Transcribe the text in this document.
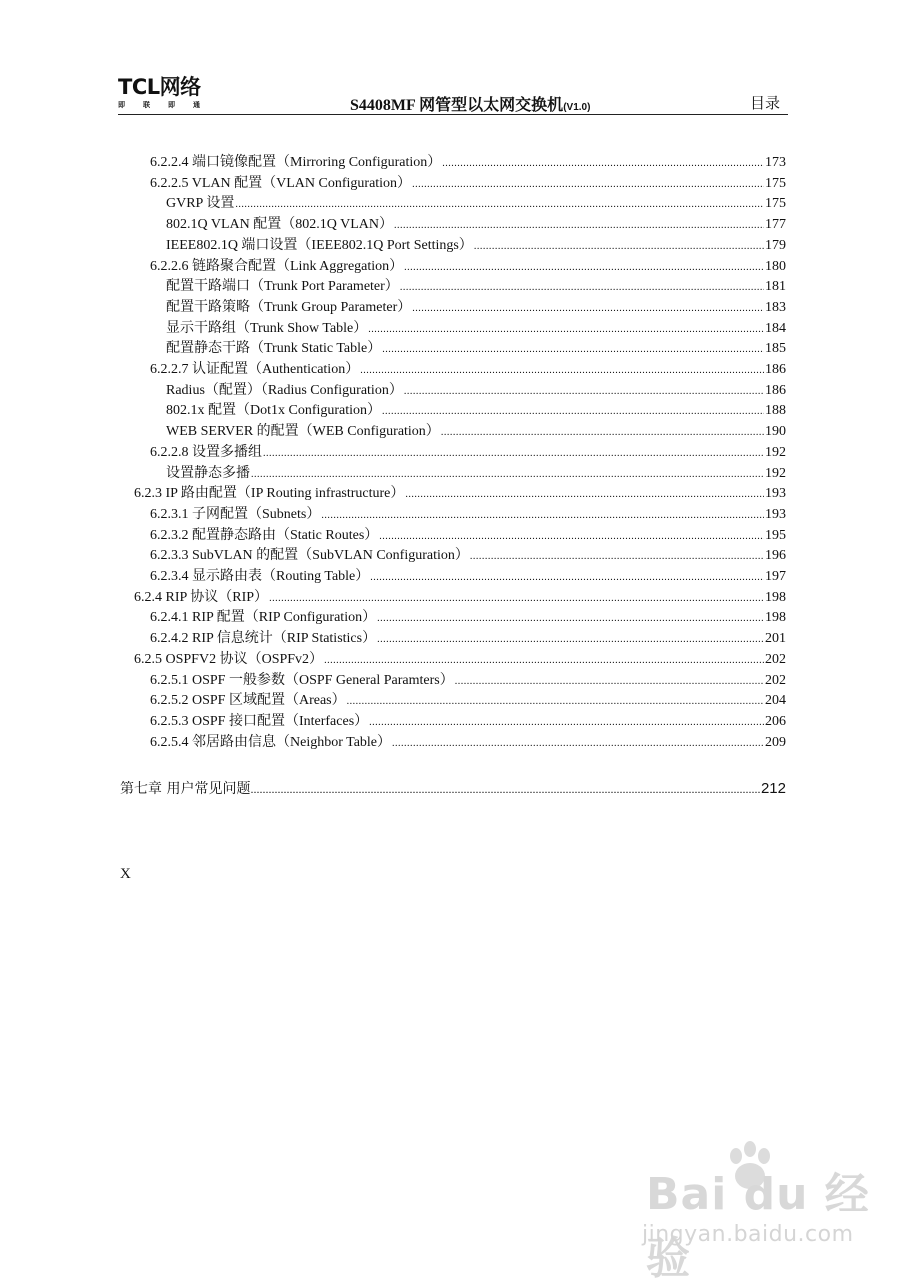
TCL网络
即	联	即	通	S4408MF 网管型以太网交换机(V1.0)	目录
6.2.2.4 端口镜像配置（Mirroring Configuration） .....	173
6.2.2.5 VLAN 配置（VLAN Configuration） .....	175
GVRP 设置 .....	175
802.1Q VLAN 配置（802.1Q VLAN） .....	177
IEEE802.1Q 端口设置（IEEE802.1Q Port Settings） .....	179
6.2.2.6 链路聚合配置（Link Aggregation） .....	180
配置干路端口（Trunk Port Parameter） .....	181
配置干路策略（Trunk Group Parameter） .....	183
显示干路组（Trunk Show Table） .....	184
配置静态干路（Trunk Static Table） .....	185
6.2.2.7 认证配置（Authentication） .....	186
Radius（配置）（Radius Configuration） .....	186
802.1x 配置（Dot1x Configuration） .....	188
WEB SERVER 的配置（WEB Configuration） .....	190
6.2.2.8 设置多播组 .....	192
设置静态多播 .....	192
6.2.3 IP 路由配置（IP Routing infrastructure） .....	193
6.2.3.1 子网配置（Subnets） .....	193
6.2.3.2 配置静态路由（Static Routes） .....	195
6.2.3.3 SubVLAN 的配置（SubVLAN Configuration） .....	196
6.2.3.4 显示路由表（Routing Table） .....	197
6.2.4 RIP 协议（RIP） .....	198
6.2.4.1 RIP 配置（RIP Configuration） .....	198
6.2.4.2 RIP 信息统计（RIP Statistics） .....	201
6.2.5 OSPFV2 协议（OSPFv2） .....	202
6.2.5.1 OSPF 一般参数（OSPF General Paramters） .....	202
6.2.5.2 OSPF 区域配置（Areas） .....	204
6.2.5.3 OSPF 接口配置（Interfaces） .....	206
6.2.5.4 邻居路由信息（Neighbor Table） .....	209
第七章 用户常见问题 .....	212
X
Bai du 经验
jingyan.baidu.com
